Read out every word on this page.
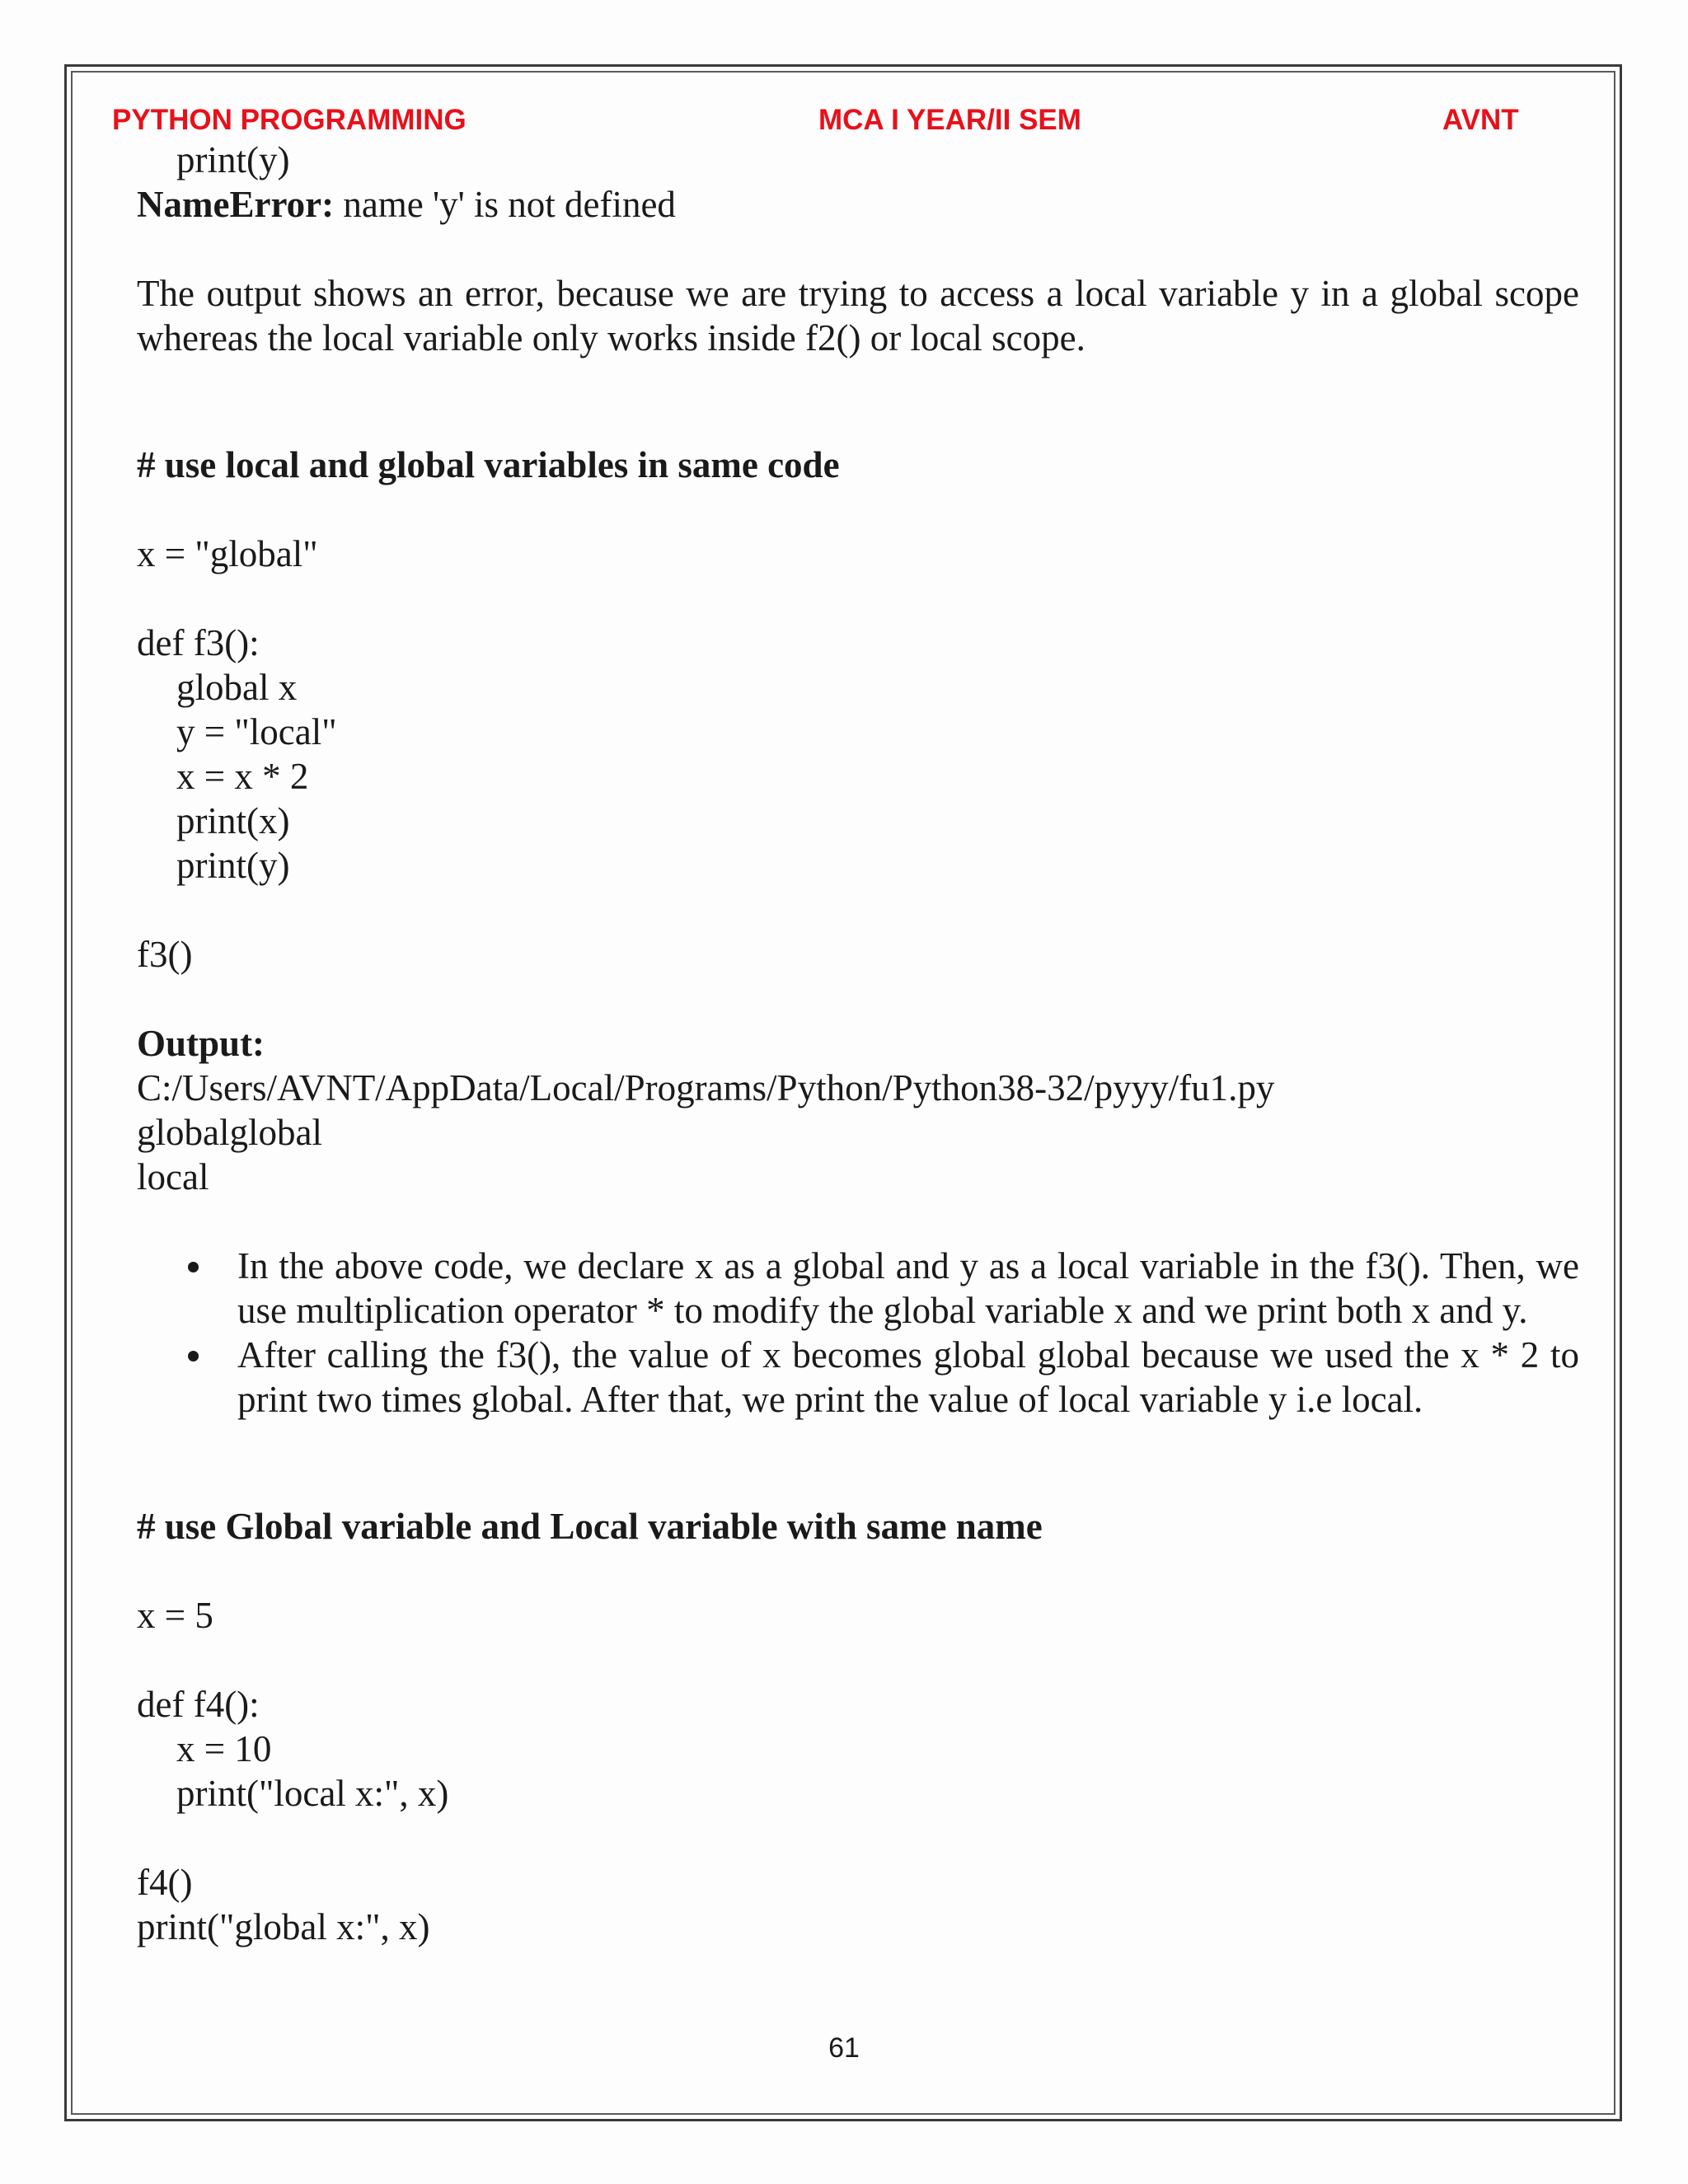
PYTHON PROGRAMMING	MCA I YEAR/II SEM	AVNT
print(y)
NameError: name 'y' is not defined

The output shows an error, because we are trying to access a local variable y in a global scope whereas the local variable only works inside f2() or local scope.

# use local and global variables in same code
x = "global"
def f3():
global x
y = "local"
x = x * 2
print(x)
print(y)
f3()
Output:
C:/Users/AVNT/AppData/Local/Programs/Python/Python38-32/pyyy/fu1.py
globalglobal
local
In the above code, we declare x as a global and y as a local variable in the f3(). Then, we use multiplication operator * to modify the global variable x and we print both x and y.
After calling the f3(), the value of x becomes global global because we used the x * 2 to print two times global. After that, we print the value of local variable y i.e local.
# use Global variable and Local variable with same name
x = 5
def f4():
x = 10
print("local x:", x)
f4()
print("global x:", x)
61
